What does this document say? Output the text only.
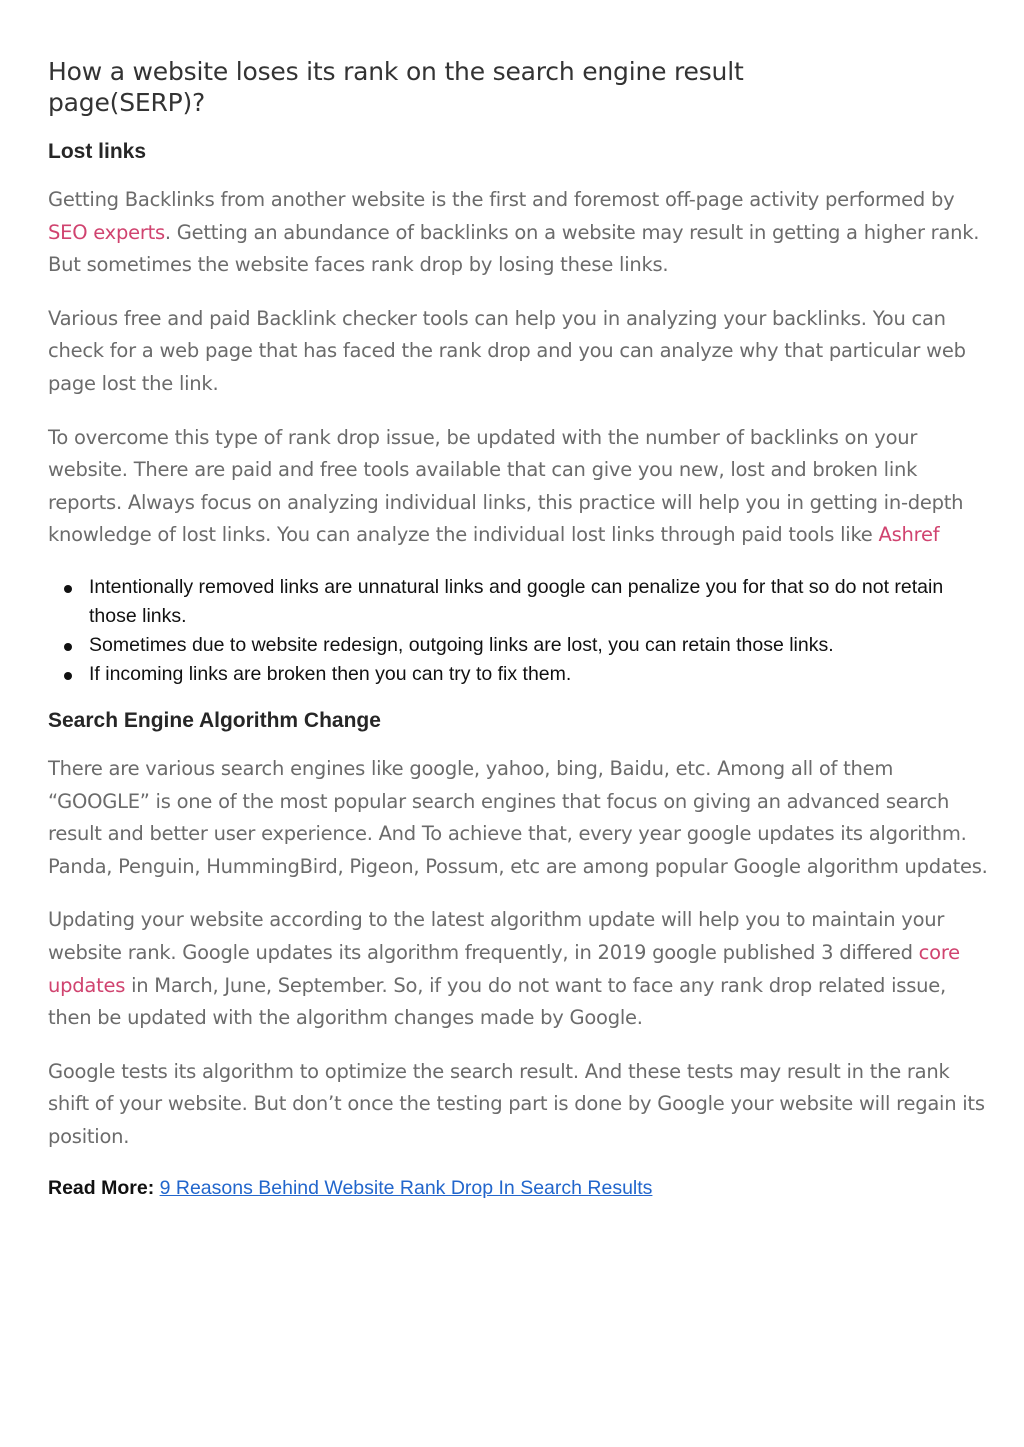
How a website loses its rank on the search engine result page(SERP)?
Lost links

Getting Backlinks from another website is the first and foremost off-page activity performed by SEO experts. Getting an abundance of backlinks on a website may result in getting a higher rank. But sometimes the website faces rank drop by losing these links.

Various free and paid Backlink checker tools can help you in analyzing your backlinks. You can check for a web page that has faced the rank drop and you can analyze why that particular web page lost the link.

To overcome this type of rank drop issue, be updated with the number of backlinks on your website. There are paid and free tools available that can give you new, lost and broken link reports. Always focus on analyzing individual links, this practice will help you in getting in-depth knowledge of lost links. You can analyze the individual lost links through paid tools like Ashref

Intentionally removed links are unnatural links and google can penalize you for that so do not retain those links.
Sometimes due to website redesign, outgoing links are lost, you can retain those links.
If incoming links are broken then you can try to fix them.
Search Engine Algorithm Change

There are various search engines like google, yahoo, bing, Baidu, etc. Among all of them “GOOGLE” is one of the most popular search engines that focus on giving an advanced search result and better user experience. And To achieve that, every year google updates its algorithm. Panda, Penguin, HummingBird, Pigeon, Possum, etc are among popular Google algorithm updates.

Updating your website according to the latest algorithm update will help you to maintain your website rank. Google updates its algorithm frequently, in 2019 google published 3 differed core updates in March, June, September. So, if you do not want to face any rank drop related issue, then be updated with the algorithm changes made by Google.

Google tests its algorithm to optimize the search result. And these tests may result in the rank shift of your website. But don’t once the testing part is done by Google your website will regain its position.

Read More: 9 Reasons Behind Website Rank Drop In Search Results
